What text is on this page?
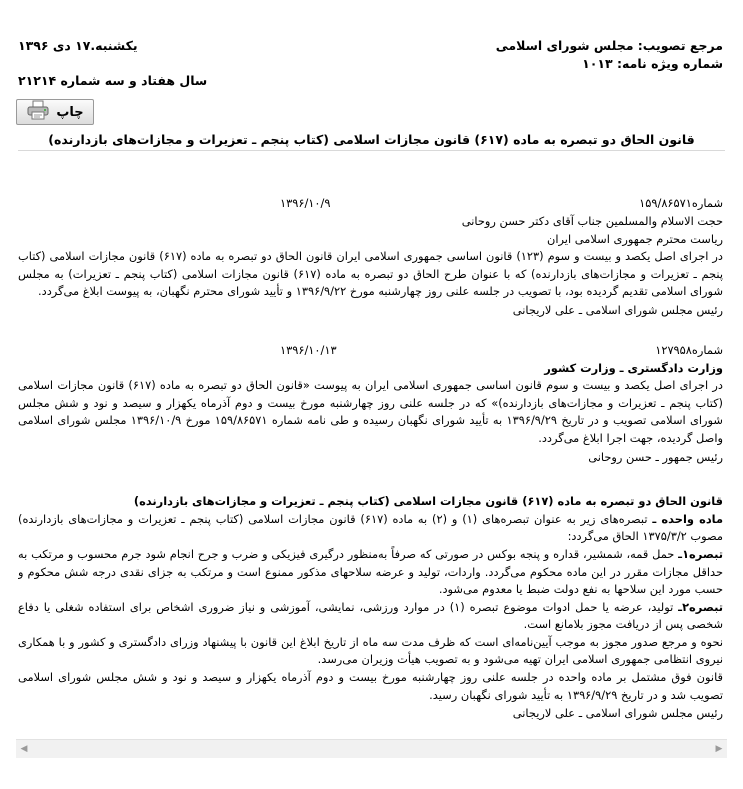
مرجع تصویب: مجلس شورای اسلامی
شماره ویژه نامه: ۱۰۱۳
یکشنبه.۱۷ دی ۱۳۹۶
سال هفتاد و سه شماره ۲۱۲۱۴
چاپ
قانون الحاق دو تبصره به ماده (۶۱۷) قانون مجازات اسلامی (کتاب پنجم ـ تعزیرات و مجازات‌های بازدارنده)
شماره۱۵۹/۸۶۵۷۱
۱۳۹۶/۱۰/۹

حجت الاسلام والمسلمین جناب آقای دکتر حسن روحانی

ریاست محترم جمهوری اسلامی ایران

در اجرای اصل یکصد و بیست و سوم (۱۲۳) قانون اساسی جمهوری اسلامی ایران قانون الحاق دو تبصره به ماده (۶۱۷) قانون مجازات اسلامی (کتاب پنجم ـ تعزیرات و مجازات‌های بازدارنده) که با عنوان طرح الحاق دو تبصره به ماده (۶۱۷) قانون مجازات اسلامی (کتاب پنجم ـ تعزیرات) به مجلس شورای اسلامی تقدیم گردیده بود، با تصویب در جلسه علنی روز چهارشنبه مورخ ۱۳۹۶/۹/۲۲ و تأیید شورای محترم نگهبان، به پیوست ابلاغ می‌گردد.

رئیس مجلس شورای اسلامی ـ علی لاریجانی

شماره۱۲۷۹۵۸
۱۳۹۶/۱۰/۱۳

وزارت دادگستری ـ وزارت کشور

در اجرای اصل یکصد و بیست و سوم قانون اساسی جمهوری اسلامی ایران به پیوست «قانون الحاق دو تبصره به ماده (۶۱۷) قانون مجازات اسلامی (کتاب پنجم ـ تعزیرات و مجازات‌های بازدارنده)» که در جلسه علنی روز چهارشنبه مورخ بیست و دوم آذرماه یکهزار و سیصد و نود و شش مجلس شورای اسلامی تصویب و در تاریخ ۱۳۹۶/۹/۲۹ به تأیید شورای نگهبان رسیده و طی نامه شماره ۱۵۹/۸۶۵۷۱ مورخ ۱۳۹۶/۱۰/۹ مجلس شورای اسلامی واصل گردیده، جهت اجرا ابلاغ می‌گردد.

رئیس جمهور ـ حسن روحانی

قانون الحاق دو تبصره به ماده (۶۱۷) قانون مجازات اسلامی (کتاب پنجم ـ تعزیرات و مجازات‌های بازدارنده)

ماده واحده ـ تبصره‌های زیر به عنوان تبصره‌های (۱) و (۲) به ماده (۶۱۷) قانون مجازات اسلامی (کتاب پنجم ـ تعزیرات و مجازات‌های بازدارنده) مصوب ۱۳۷۵/۳/۲ الحاق می‌گردد:

تبصره۱ـ حمل قمه، شمشیر، قداره و پنجه بوکس در صورتی که صرفاً به‌منظور درگیری فیزیکی و ضرب و جرح انجام شود جرم محسوب و مرتکب به حداقل مجازات مقرر در این ماده محکوم می‌گردد. واردات، تولید و عرضه سلاحهای مذکور ممنوع است و مرتکب به جزای نقدی درجه شش محکوم و حسب مورد این سلاحها به نفع دولت ضبط یا معدوم می‌شود.

تبصره۲ـ تولید، عرضه یا حمل ادوات موضوع تبصره (۱) در موارد ورزشی، نمایشی، آموزشی و نیاز ضروری اشخاص برای استفاده شغلی یا دفاع شخصی پس از دریافت مجوز بلامانع است.

نحوه و مرجع صدور مجوز به موجب آیین‌نامه‌ای است که ظرف مدت سه ماه از تاریخ ابلاغ این قانون با پیشنهاد وزرای دادگستری و کشور و با همکاری نیروی انتظامی جمهوری اسلامی ایران تهیه می‌شود و به تصویب هیأت وزیران می‌رسد.

قانون فوق مشتمل بر ماده واحده در جلسه علنی روز چهارشنبه مورخ بیست و دوم آذرماه یکهزار و سیصد و نود و شش مجلس شورای اسلامی تصویب شد و در تاریخ ۱۳۹۶/۹/۲۹ به تأیید شورای نگهبان رسید.

رئیس مجلس شورای اسلامی ـ علی لاریجانی

◀	▶
